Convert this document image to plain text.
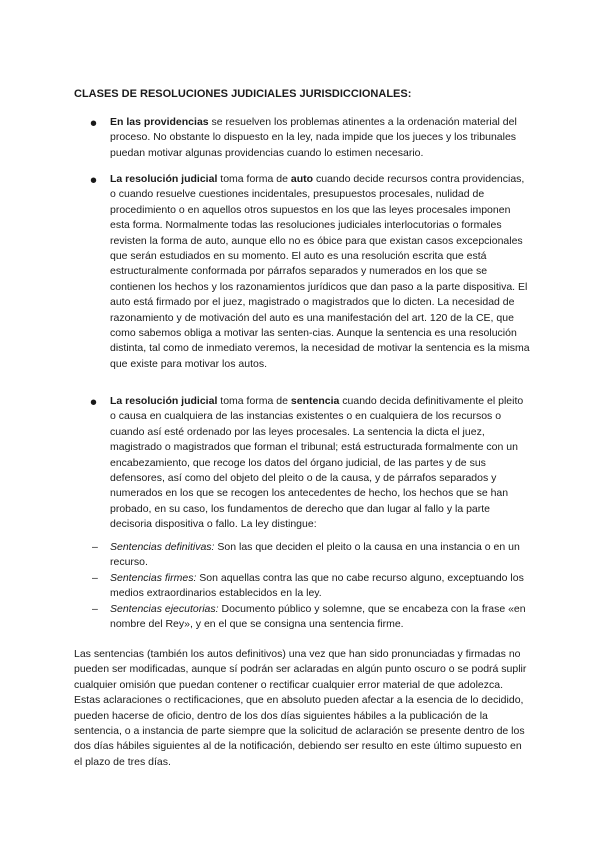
CLASES DE RESOLUCIONES JUDICIALES JURISDICCIONALES:
• En las providencias se resuelven los problemas atinentes a la ordenación material del proceso. No obstante lo dispuesto en la ley, nada impide que los jueces y los tribunales puedan motivar algunas providencias cuando lo estimen necesario.

• La resolución judicial toma forma de auto cuando decide recursos contra providencias, o cuando resuelve cuestiones incidentales, presupuestos procesales, nulidad de procedimiento o en aquellos otros supuestos en los que las leyes procesales imponen esta forma. Normalmente todas las resoluciones judiciales interlocutorias o formales revisten la forma de auto, aunque ello no es óbice para que existan casos excepcionales que serán estudiados en su momento. El auto es una resolución escrita que está estructuralmente conformada por párrafos separados y numerados en los que se contienen los hechos y los razonamientos jurídicos que dan paso a la parte dispositiva. El auto está firmado por el juez, magistrado o magistrados que lo dicten. La necesidad de razonamiento y de motivación del auto es una manifestación del art. 120 de la CE, que como sabemos obliga a motivar las senten-cias. Aunque la sentencia es una resolución distinta, tal como de inmediato veremos, la necesidad de motivar la sentencia es la misma que existe para motivar los autos.

• La resolución judicial toma forma de sentencia cuando decida definitivamente el pleito o causa en cualquiera de las instancias existentes o en cualquiera de los recursos o cuando así esté ordenado por las leyes procesales. La sentencia la dicta el juez, magistrado o magistrados que forman el tribunal; está estructurada formalmente con un encabezamiento, que recoge los datos del órgano judicial, de las partes y de sus defensores, así como del objeto del pleito o de la causa, y de párrafos separados y numerados en los que se recogen los antecedentes de hecho, los hechos que se han probado, en su caso, los fundamentos de derecho que dan lugar al fallo y la parte decisoria dispositiva o fallo. La ley distingue:

– Sentencias definitivas: Son las que deciden el pleito o la causa en una instancia o en un recurso.

– Sentencias firmes: Son aquellas contra las que no cabe recurso alguno, exceptuando los medios extraordinarios establecidos en la ley.

– Sentencias ejecutorias: Documento público y solemne, que se encabeza con la frase «en nombre del Rey», y en el que se consigna una sentencia firme.

Las sentencias (también los autos definitivos) una vez que han sido pronunciadas y firmadas no pueden ser modificadas, aunque sí podrán ser aclaradas en algún punto oscuro o se podrá suplir cualquier omisión que puedan contener o rectificar cualquier error material de que adolezca. Estas aclaraciones o rectificaciones, que en absoluto pueden afectar a la esencia de lo decidido, pueden hacerse de oficio, dentro de los dos días siguientes hábiles a la publicación de la sentencia, o a instancia de parte siempre que la solicitud de aclaración se presente dentro de los dos días hábiles siguientes al de la notificación, debiendo ser resulto en este último supuesto en el plazo de tres días.
